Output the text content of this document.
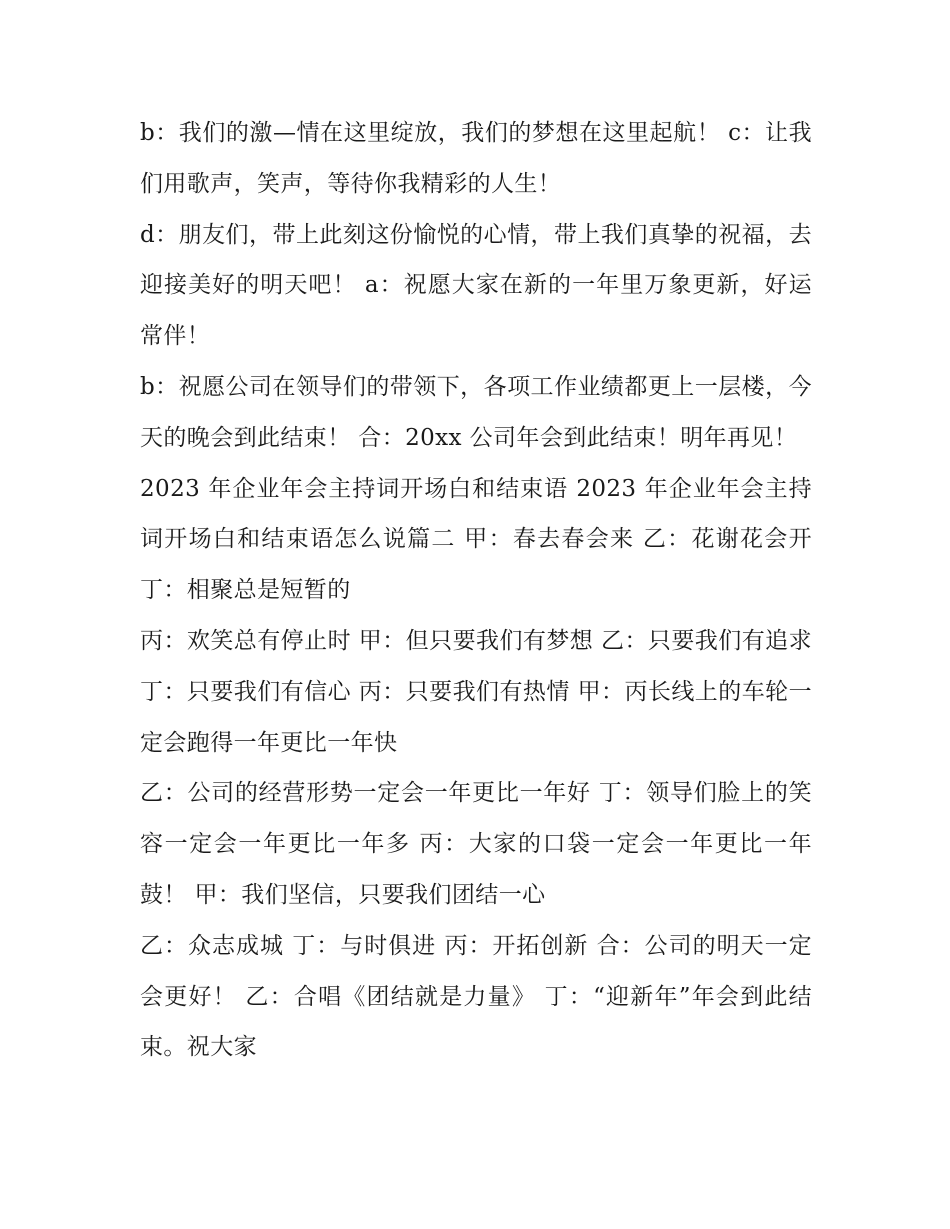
b：我们的激—情在这里绽放，我们的梦想在这里起航！ c：让我们用歌声，笑声，等待你我精彩的人生！

d：朋友们，带上此刻这份愉悦的心情，带上我们真挚的祝福，去迎接美好的明天吧！ a：祝愿大家在新的一年里万象更新，好运常伴！

b：祝愿公司在领导们的带领下，各项工作业绩都更上一层楼，今天的晚会到此结束！ 合：20xx 公司年会到此结束！明年再见！

2023 年企业年会主持词开场白和结束语 2023 年企业年会主持词开场白和结束语怎么说篇二 甲：春去春会来 乙：花谢花会开 丁：相聚总是短暂的

丙：欢笑总有停止时 甲：但只要我们有梦想 乙：只要我们有追求 丁：只要我们有信心 丙：只要我们有热情 甲：丙长线上的车轮一定会跑得一年更比一年快

乙：公司的经营形势一定会一年更比一年好 丁：领导们脸上的笑容一定会一年更比一年多 丙：大家的口袋一定会一年更比一年鼓！ 甲：我们坚信，只要我们团结一心

乙：众志成城 丁：与时俱进 丙：开拓创新 合：公司的明天一定会更好！ 乙：合唱《团结就是力量》 丁：“迎新年”年会到此结束。祝大家
